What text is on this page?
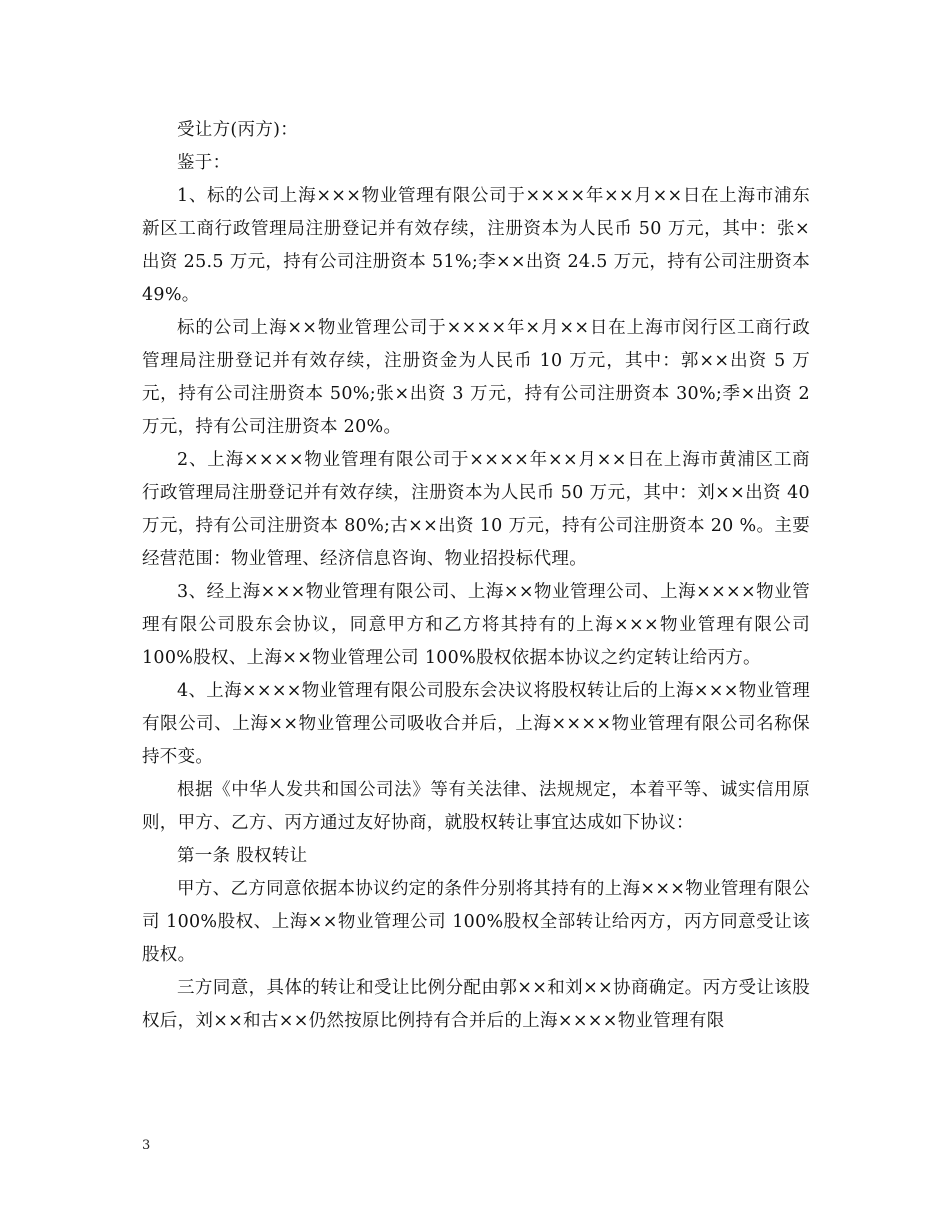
受让方(丙方)：

鉴于：

1、标的公司上海×××物业管理有限公司于××××年××月××日在上海市浦东新区工商行政管理局注册登记并有效存续，注册资本为人民币 50 万元，其中：张×出资 25.5 万元，持有公司注册资本 51%;李××出资 24.5 万元，持有公司注册资本 49%。

标的公司上海××物业管理公司于××××年×月××日在上海市闵行区工商行政管理局注册登记并有效存续，注册资金为人民币 10 万元，其中：郭××出资 5 万元，持有公司注册资本 50%;张×出资 3 万元，持有公司注册资本 30%;季×出资 2 万元，持有公司注册资本 20%。

2、上海××××物业管理有限公司于××××年××月××日在上海市黄浦区工商行政管理局注册登记并有效存续，注册资本为人民币 50 万元，其中：刘××出资 40 万元，持有公司注册资本 80%;古××出资 10 万元，持有公司注册资本 20 %。主要经营范围：物业管理、经济信息咨询、物业招投标代理。

3、经上海×××物业管理有限公司、上海××物业管理公司、上海××××物业管理有限公司股东会协议，同意甲方和乙方将其持有的上海×××物业管理有限公司 100%股权、上海××物业管理公司 100%股权依据本协议之约定转让给丙方。

4、上海××××物业管理有限公司股东会决议将股权转让后的上海×××物业管理有限公司、上海××物业管理公司吸收合并后，上海××××物业管理有限公司名称保持不变。

根据《中华人发共和国公司法》等有关法律、法规规定，本着平等、诚实信用原则，甲方、乙方、丙方通过友好协商，就股权转让事宜达成如下协议：

第一条 股权转让

甲方、乙方同意依据本协议约定的条件分别将其持有的上海×××物业管理有限公司 100%股权、上海××物业管理公司 100%股权全部转让给丙方，丙方同意受让该股权。

三方同意，具体的转让和受让比例分配由郭××和刘××协商确定。丙方受让该股权后，刘××和古××仍然按原比例持有合并后的上海××××物业管理有限

3
